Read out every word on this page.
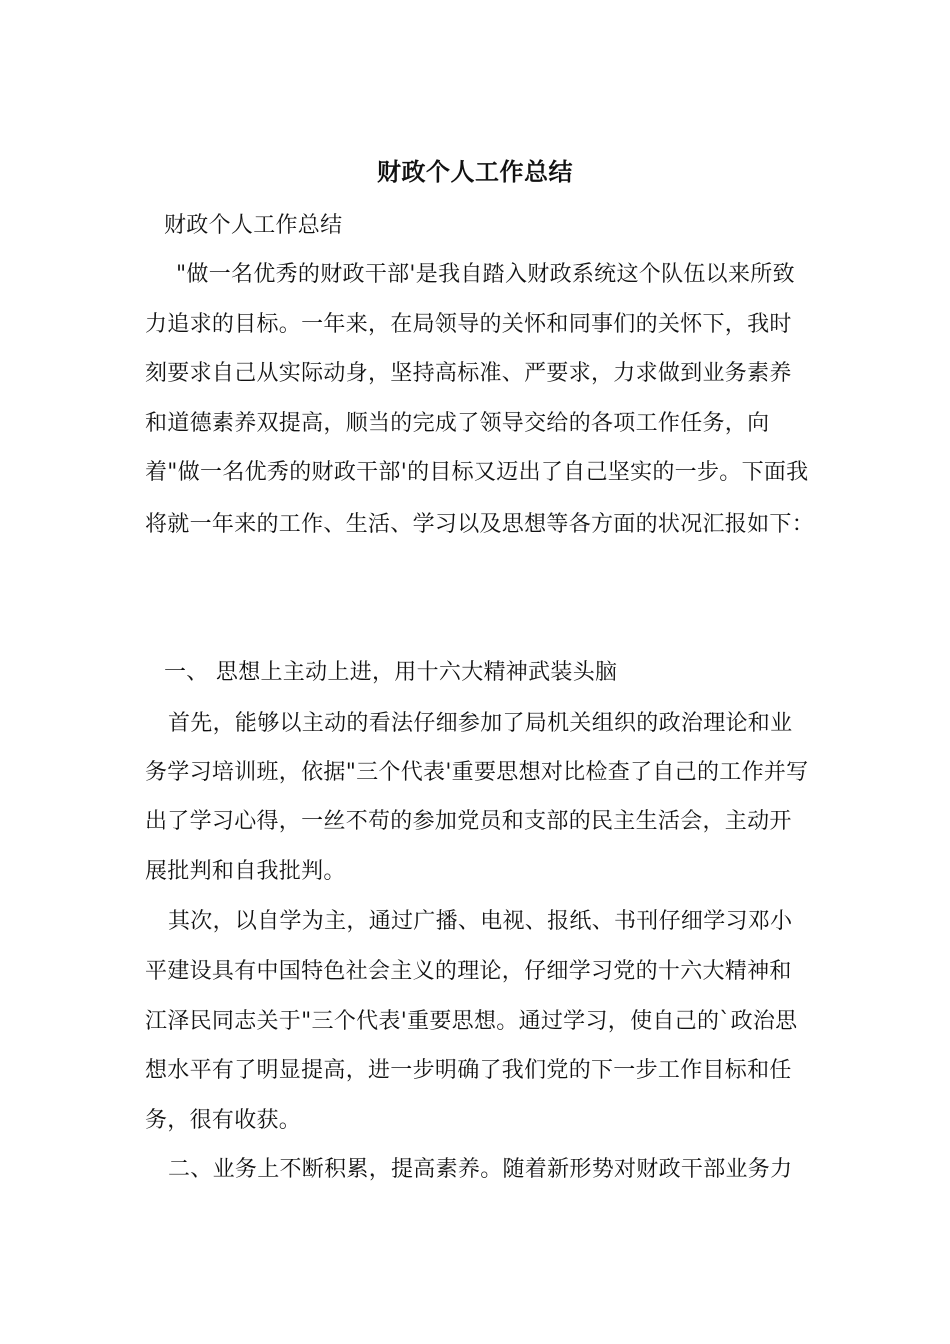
财政个人工作总结
财政个人工作总结
"做一名优秀的财政干部'是我自踏入财政系统这个队伍以来所致
力追求的目标。一年来，在局领导的关怀和同事们的关怀下，我时
刻要求自己从实际动身，坚持高标准、严要求，力求做到业务素养
和道德素养双提高，顺当的完成了领导交给的各项工作任务，向
着"做一名优秀的财政干部'的目标又迈出了自己坚实的一步。下面我
将就一年来的工作、生活、学习以及思想等各方面的状况汇报如下：
一、 思想上主动上进，用十六大精神武装头脑
首先，能够以主动的看法仔细参加了局机关组织的政治理论和业
务学习培训班，依据"三个代表'重要思想对比检查了自己的工作并写
出了学习心得，一丝不苟的参加党员和支部的民主生活会，主动开
展批判和自我批判。
其次，以自学为主，通过广播、电视、报纸、书刊仔细学习邓小
平建设具有中国特色社会主义的理论，仔细学习党的十六大精神和
江泽民同志关于"三个代表'重要思想。通过学习，使自己的`政治思
想水平有了明显提高，进一步明确了我们党的下一步工作目标和任
务，很有收获。
二、业务上不断积累，提高素养。随着新形势对财政干部业务力
